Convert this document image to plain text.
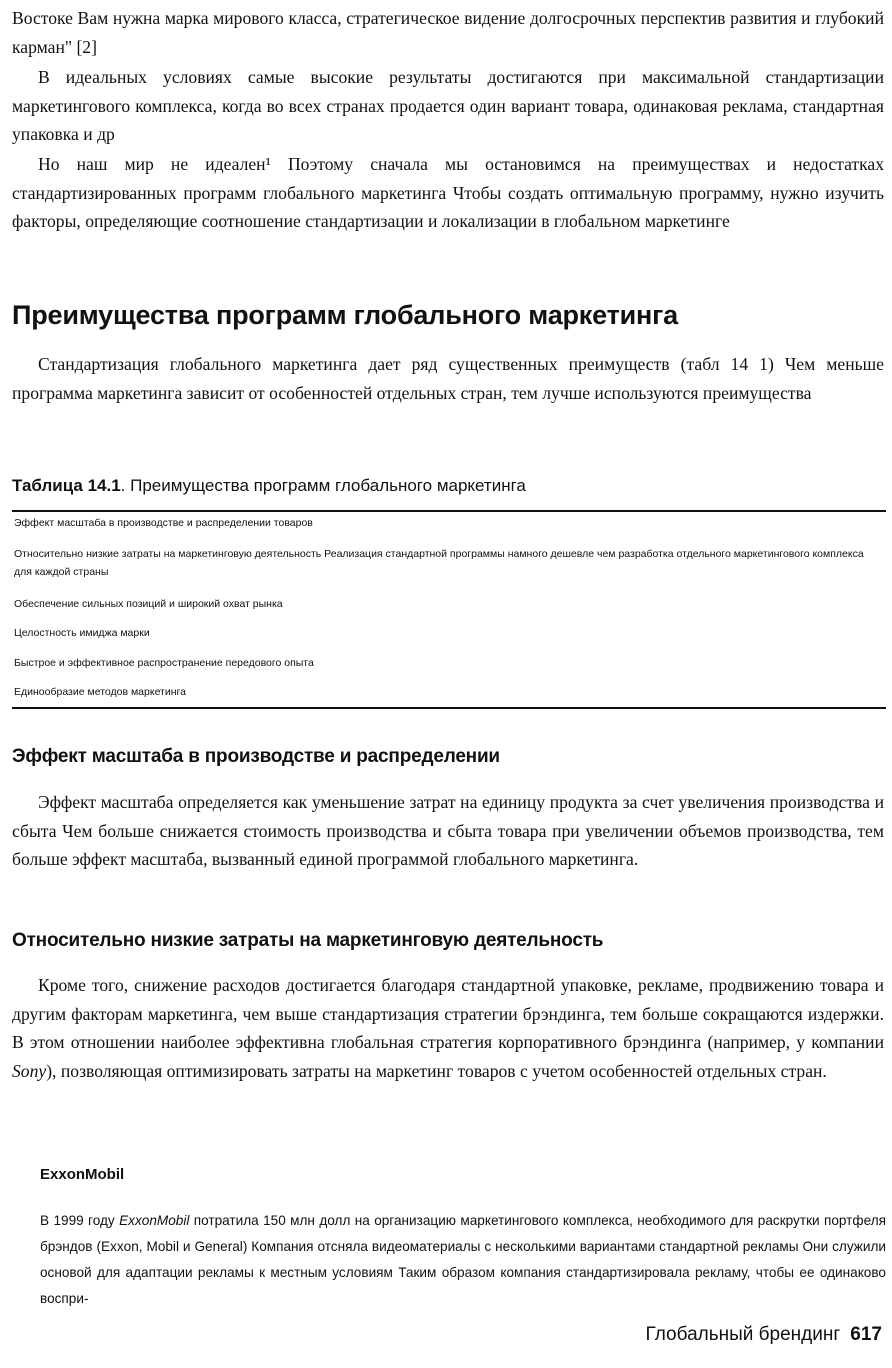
Востоке Вам нужна марка мирового класса, стратегическое видение долгосрочных перспектив развития и глубокий карман" [2]

В идеальных условиях самые высокие результаты достигаются при максимальной стандартизации маркетингового комплекса, когда во всех странах продается один вариант товара, одинаковая реклама, стандартная упаковка и др

Но наш мир не идеален¹ Поэтому сначала мы остановимся на преимуществах и недостатках стандартизированных программ глобального маркетинга Чтобы создать оптимальную программу, нужно изучить факторы, определяющие соотношение стандартизации и локализации в глобальном маркетинге

Преимущества программ глобального маркетинга

Стандартизация глобального маркетинга дает ряд существенных преимуществ (табл 14 1) Чем меньше программа маркетинга зависит от особенностей отдельных стран, тем лучше используются преимущества

Таблица 14.1. Преимущества программ глобального маркетинга
Эффект масштаба в производстве и распределении товаров
Относительно низкие затраты на маркетинговую деятельность Реализация стандартной программы намного дешевле чем разработка отдельного маркетингового комплекса для каждой страны
Обеспечение сильных позиций и широкий охват рынка
Целостность имиджа марки
Быстрое и эффективное распространение передового опыта
Единообразие методов маркетинга
Эффект масштаба в производстве и распределении

Эффект масштаба определяется как уменьшение затрат на единицу продукта за счет увеличения производства и сбыта Чем больше снижается стоимость производства и сбыта товара при увеличении объемов производства, тем больше эффект масштаба, вызванный единой программой глобального маркетинга.

Относительно низкие затраты на маркетинговую деятельность

Кроме того, снижение расходов достигается благодаря стандартной упаковке, рекламе, продвижению товара и другим факторам маркетинга, чем выше стандартизация стратегии брэндинга, тем больше сокращаются издержки. В этом отношении наиболее эффективна глобальная стратегия корпоративного брэндинга (например, у компании Sony), позволяющая оптимизировать затраты на маркетинг товаров с учетом особенностей отдельных стран.

ExxonMobil

В 1999 году ExxonMobil потратила 150 млн долл на организацию маркетингового комплекса, необходимого для раскрутки портфеля брэндов (Exxon, Mobil и General) Компания отсняла видеоматериалы с несколькими вариантами стандартной рекламы Они служили основой для адаптации рекламы к местным условиям Таким образом компания стандартизировала рекламу, чтобы ее одинаково воспри-

Глобальный брендинг 617
